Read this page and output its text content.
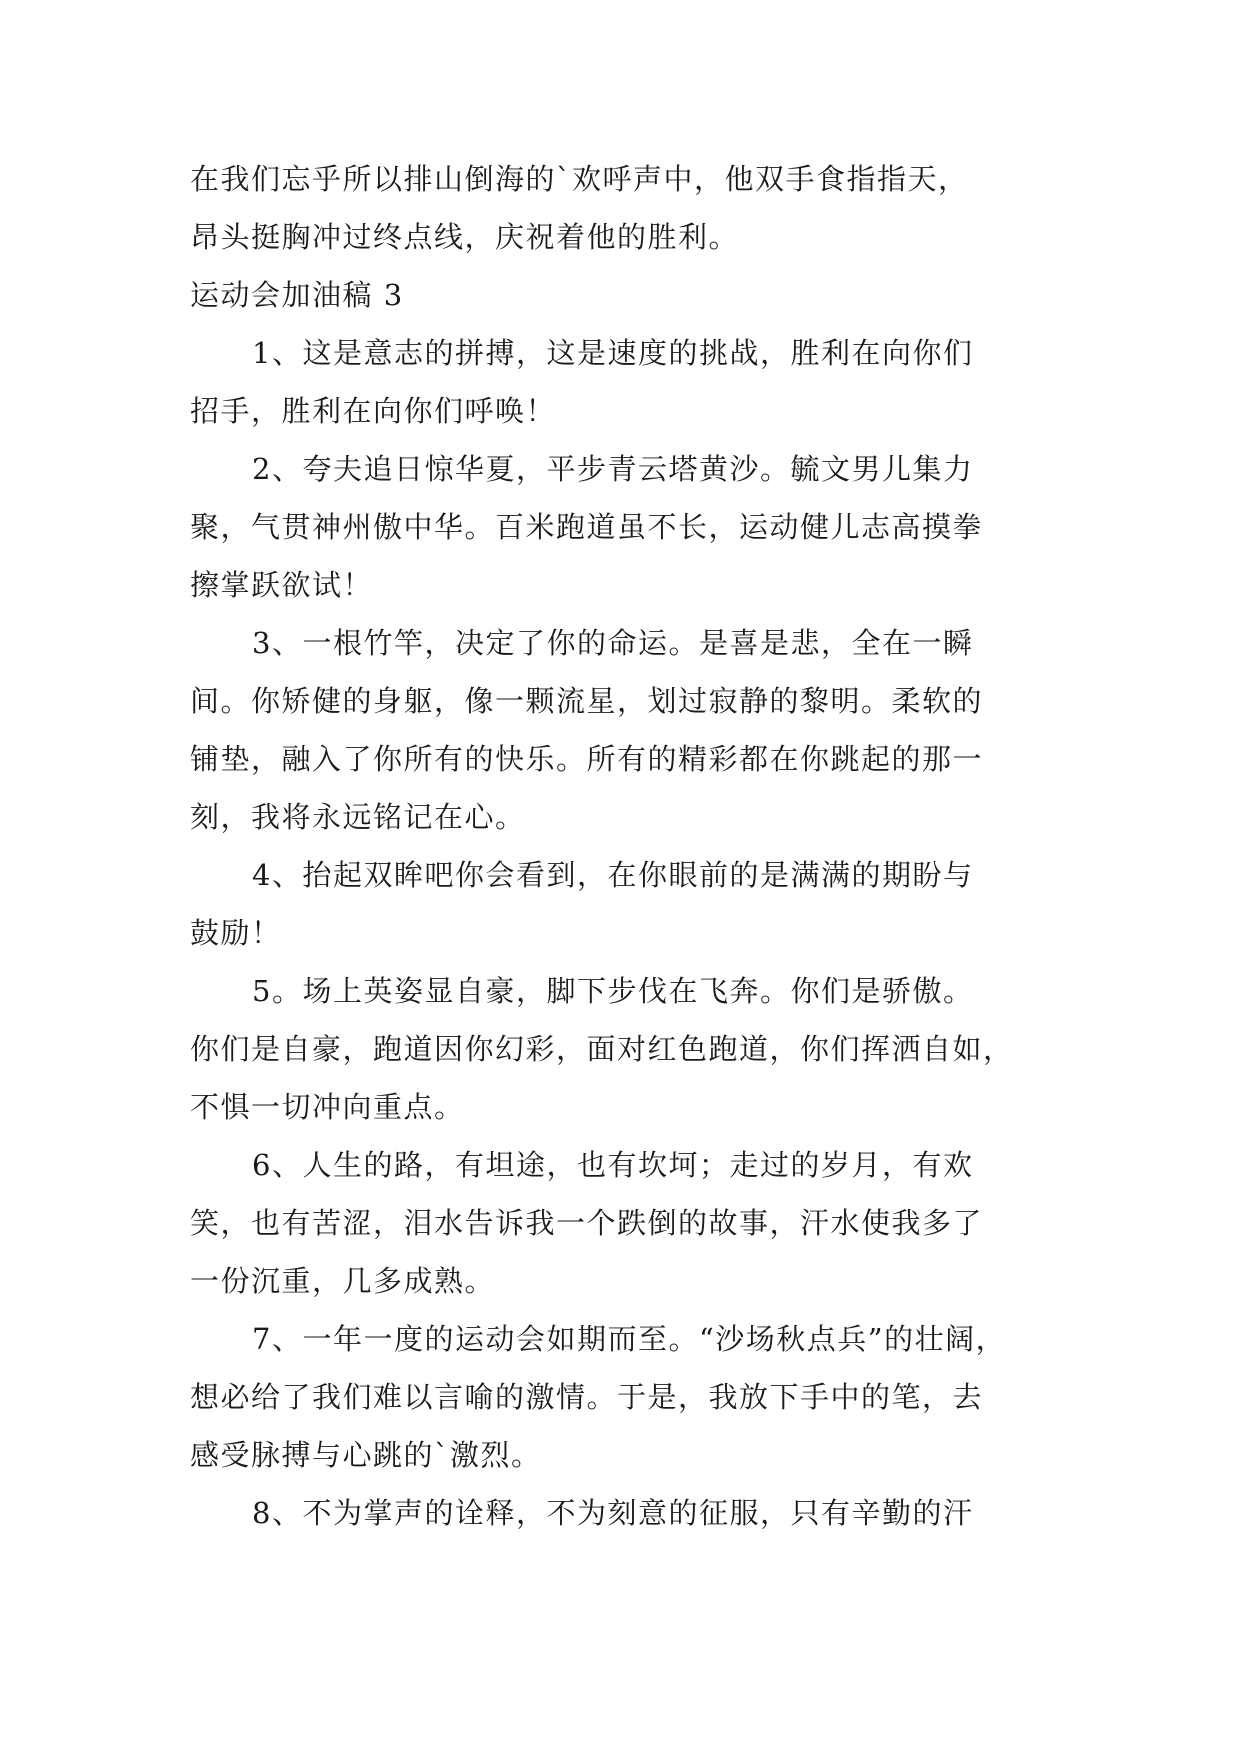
在我们忘乎所以排山倒海的`欢呼声中，他双手食指指天，

昂头挺胸冲过终点线，庆祝着他的胜利。

运动会加油稿 3

1、这是意志的拼搏，这是速度的挑战，胜利在向你们

招手，胜利在向你们呼唤！

2、夸夫追日惊华夏，平步青云塔黄沙。毓文男儿集力

聚，气贯神州傲中华。百米跑道虽不长，运动健儿志高摸拳

擦掌跃欲试！

3、一根竹竿，决定了你的命运。是喜是悲，全在一瞬

间。你矫健的身躯，像一颗流星，划过寂静的黎明。柔软的

铺垫，融入了你所有的快乐。所有的精彩都在你跳起的那一

刻，我将永远铭记在心。

4、抬起双眸吧你会看到，在你眼前的是满满的期盼与

鼓励！

5。场上英姿显自豪，脚下步伐在飞奔。你们是骄傲。

你们是自豪，跑道因你幻彩，面对红色跑道，你们挥洒自如，

不惧一切冲向重点。

6、人生的路，有坦途，也有坎坷；走过的岁月，有欢

笑，也有苦涩，泪水告诉我一个跌倒的故事，汗水使我多了

一份沉重，几多成熟。

7、一年一度的运动会如期而至。“沙场秋点兵”的壮阔，

想必给了我们难以言喻的激情。于是，我放下手中的笔，去

感受脉搏与心跳的`激烈。

8、不为掌声的诠释，不为刻意的征服，只有辛勤的汗
